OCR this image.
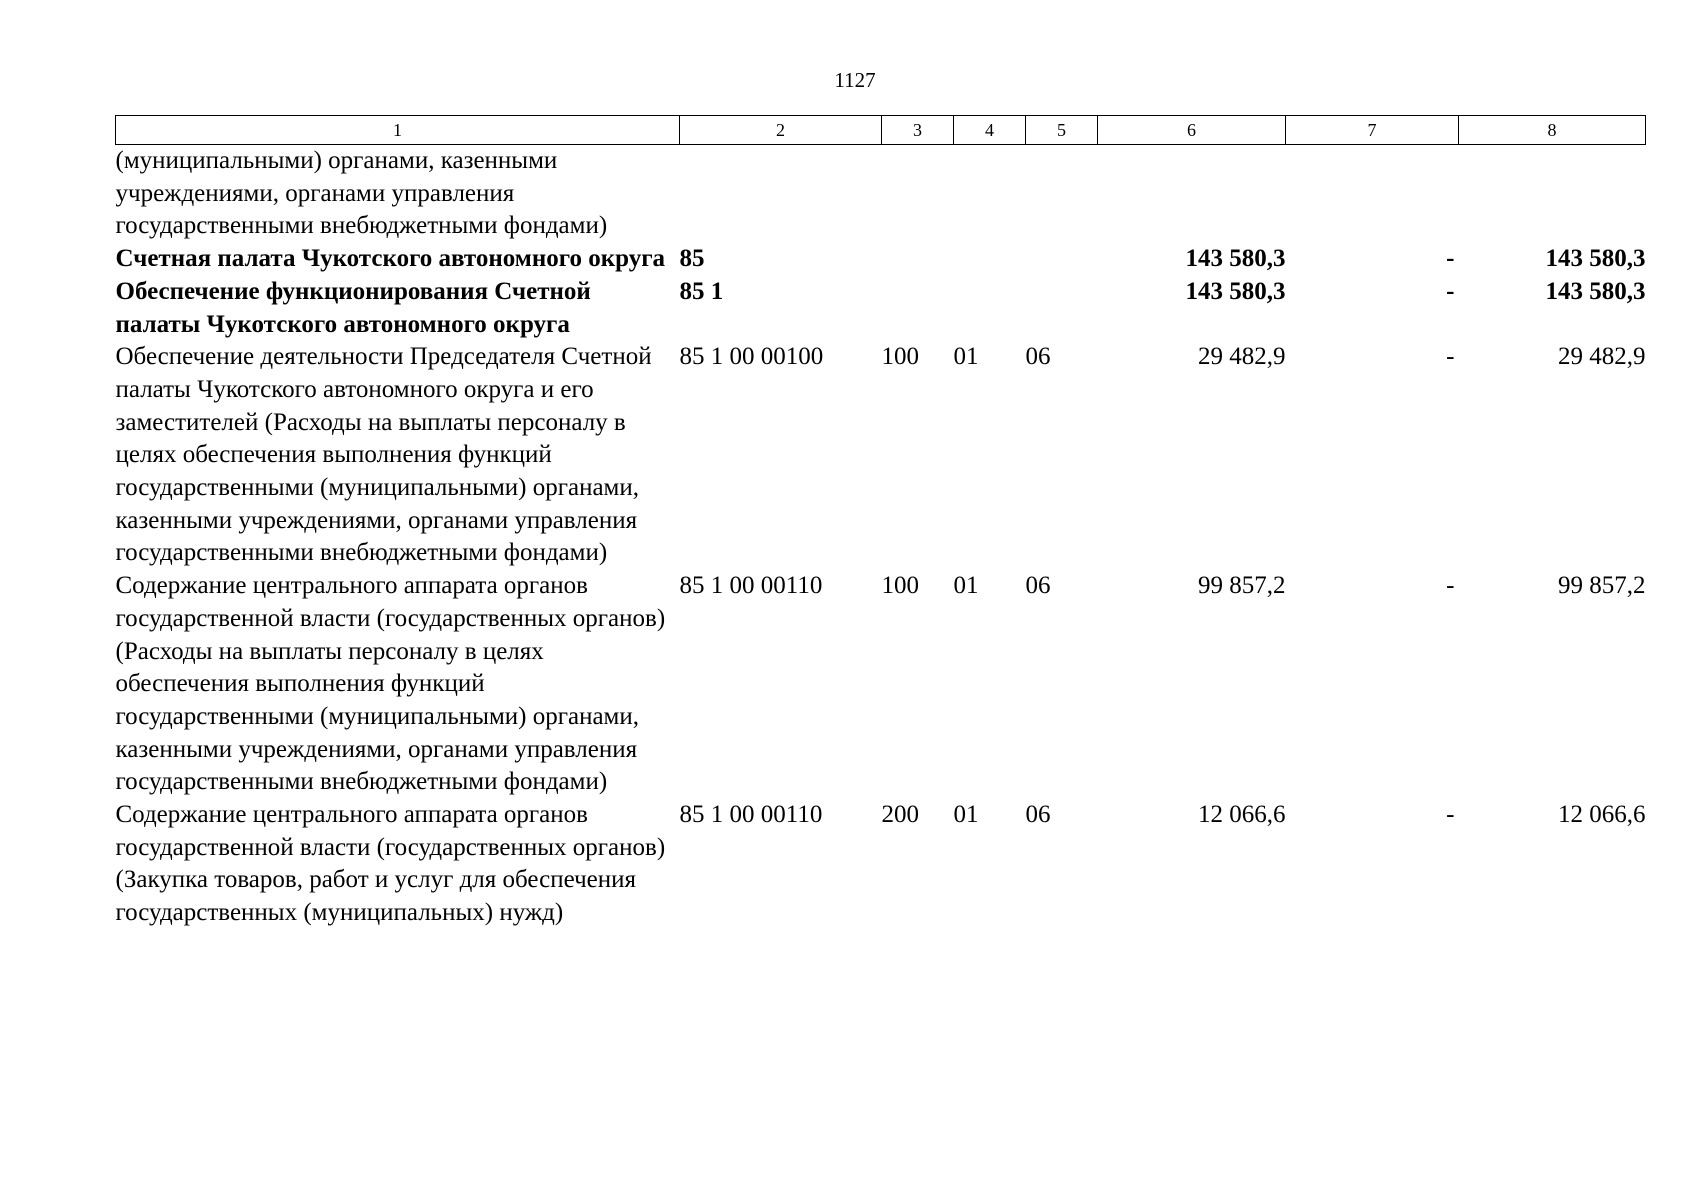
1127
1	2	3	4	5	6	7	8
(муниципальными) органами, казенными учреждениями, органами управления государственными внебюджетными фондами)							
Счетная палата Чукотского автономного округа	85				143 580,3	-	143 580,3
Обеспечение функционирования Счетной палаты Чукотского автономного округа	85 1				143 580,3	-	143 580,3
Обеспечение деятельности Председателя Счетной палаты Чукотского автономного округа и его заместителей (Расходы на выплаты персоналу в целях обеспечения выполнения функций государственными (муниципальными) органами, казенными учреждениями, органами управления государственными внебюджетными фондами)	85 1 00 00100	100	01	06	29 482,9	-	29 482,9
Содержание центрального аппарата органов государственной власти (государственных органов) (Расходы на выплаты персоналу в целях обеспечения выполнения функций государственными (муниципальными) органами, казенными учреждениями, органами управления государственными внебюджетными фондами)	85 1 00 00110	100	01	06	99 857,2	-	99 857,2
Содержание центрального аппарата органов государственной власти (государственных органов) (Закупка товаров, работ и услуг для обеспечения государственных (муниципальных) нужд)	85 1 00 00110	200	01	06	12 066,6	-	12 066,6
